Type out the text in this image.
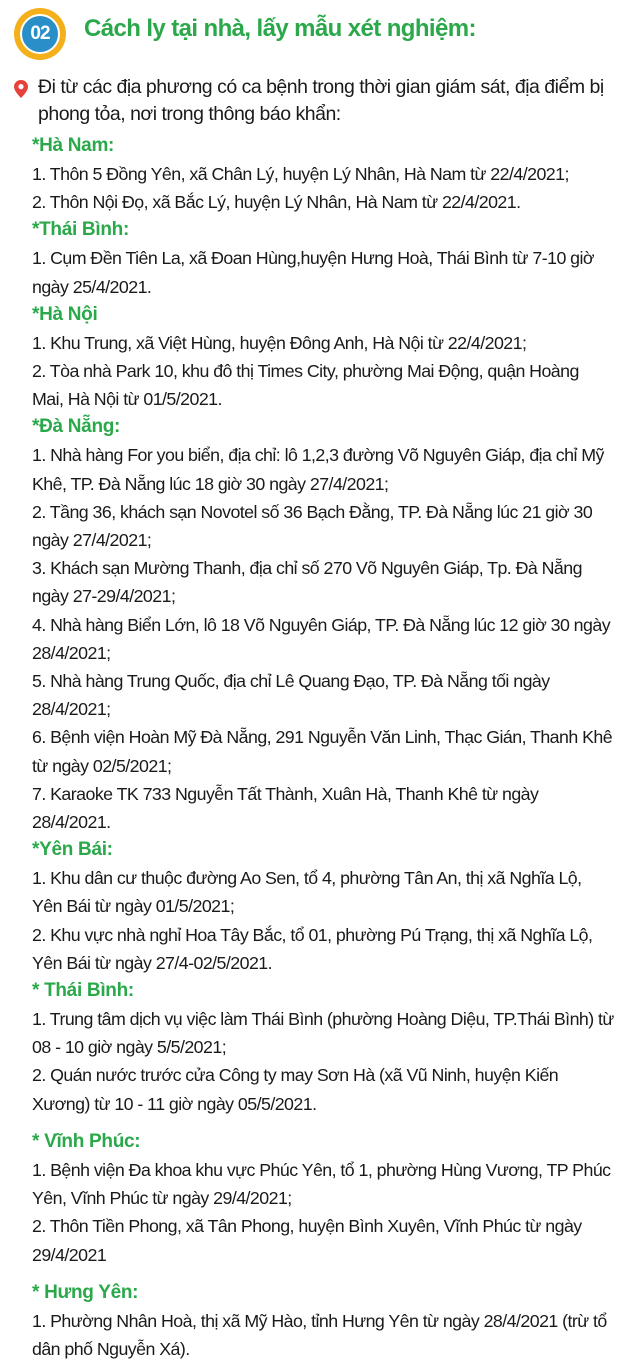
02 Cách ly tại nhà, lấy mẫu xét nghiệm:
Đi từ các địa phương có ca bệnh trong thời gian giám sát, địa điểm bị phong tỏa, nơi trong thông báo khẩn:
*Hà Nam:
1. Thôn 5 Đồng Yên, xã Chân Lý, huyện Lý Nhân, Hà Nam từ 22/4/2021;
2. Thôn Nội Đọ, xã Bắc Lý, huyện Lý Nhân, Hà Nam từ 22/4/2021.
*Thái Bình:
1. Cụm Đền Tiên La, xã Đoan Hùng,huyện Hưng Hoà, Thái Bình từ 7-10 giờ ngày 25/4/2021.
*Hà Nội
1. Khu Trung, xã Việt Hùng, huyện Đông Anh, Hà Nội từ 22/4/2021;
2. Tòa nhà Park 10, khu đô thị Times City, phường Mai Động, quận Hoàng Mai, Hà Nội từ 01/5/2021.
*Đà Nẵng:
1. Nhà hàng For you biển, địa chỉ: lô 1,2,3 đường Võ Nguyên Giáp, địa chỉ Mỹ Khê, TP. Đà Nẵng lúc 18 giờ 30 ngày 27/4/2021;
2. Tầng 36, khách sạn Novotel số 36 Bạch Đằng, TP. Đà Nẵng lúc 21 giờ 30 ngày 27/4/2021;
3. Khách sạn Mường Thanh, địa chỉ số 270 Võ Nguyên Giáp, Tp. Đà Nẵng ngày 27-29/4/2021;
4. Nhà hàng Biển Lớn, lô 18 Võ Nguyên Giáp, TP. Đà Nẵng lúc 12 giờ 30 ngày 28/4/2021;
5. Nhà hàng Trung Quốc, địa chỉ Lê Quang Đạo, TP. Đà Nẵng tối ngày 28/4/2021;
6. Bệnh viện Hoàn Mỹ Đà Nẵng, 291 Nguyễn Văn Linh, Thạc Gián, Thanh Khê từ ngày 02/5/2021;
7. Karaoke TK 733 Nguyễn Tất Thành, Xuân Hà, Thanh Khê từ ngày 28/4/2021.
*Yên Bái:
1. Khu dân cư thuộc đường Ao Sen, tổ 4, phường Tân An, thị xã Nghĩa Lộ, Yên Bái từ ngày 01/5/2021;
2. Khu vực nhà nghỉ Hoa Tây Bắc, tổ 01, phường Pú Trạng, thị xã Nghĩa Lộ, Yên Bái từ ngày 27/4-02/5/2021.
* Thái Bình:
1. Trung tâm dịch vụ việc làm Thái Bình (phường Hoàng Diệu, TP.Thái Bình) từ 08 - 10 giờ ngày 5/5/2021;
2. Quán nước trước cửa Công ty may Sơn Hà (xã Vũ Ninh, huyện Kiến Xương) từ 10 - 11 giờ ngày 05/5/2021.
* Vĩnh Phúc:
1. Bệnh viện Đa khoa khu vực Phúc Yên, tổ 1, phường Hùng Vương, TP Phúc Yên, Vĩnh Phúc từ ngày 29/4/2021;
2. Thôn Tiền Phong, xã Tân Phong, huyện Bình Xuyên, Vĩnh Phúc từ ngày 29/4/2021
* Hưng Yên:
1. Phường Nhân Hoà, thị xã Mỹ Hào, tỉnh Hưng Yên từ ngày 28/4/2021 (trừ tổ dân phố Nguyễn Xá).
